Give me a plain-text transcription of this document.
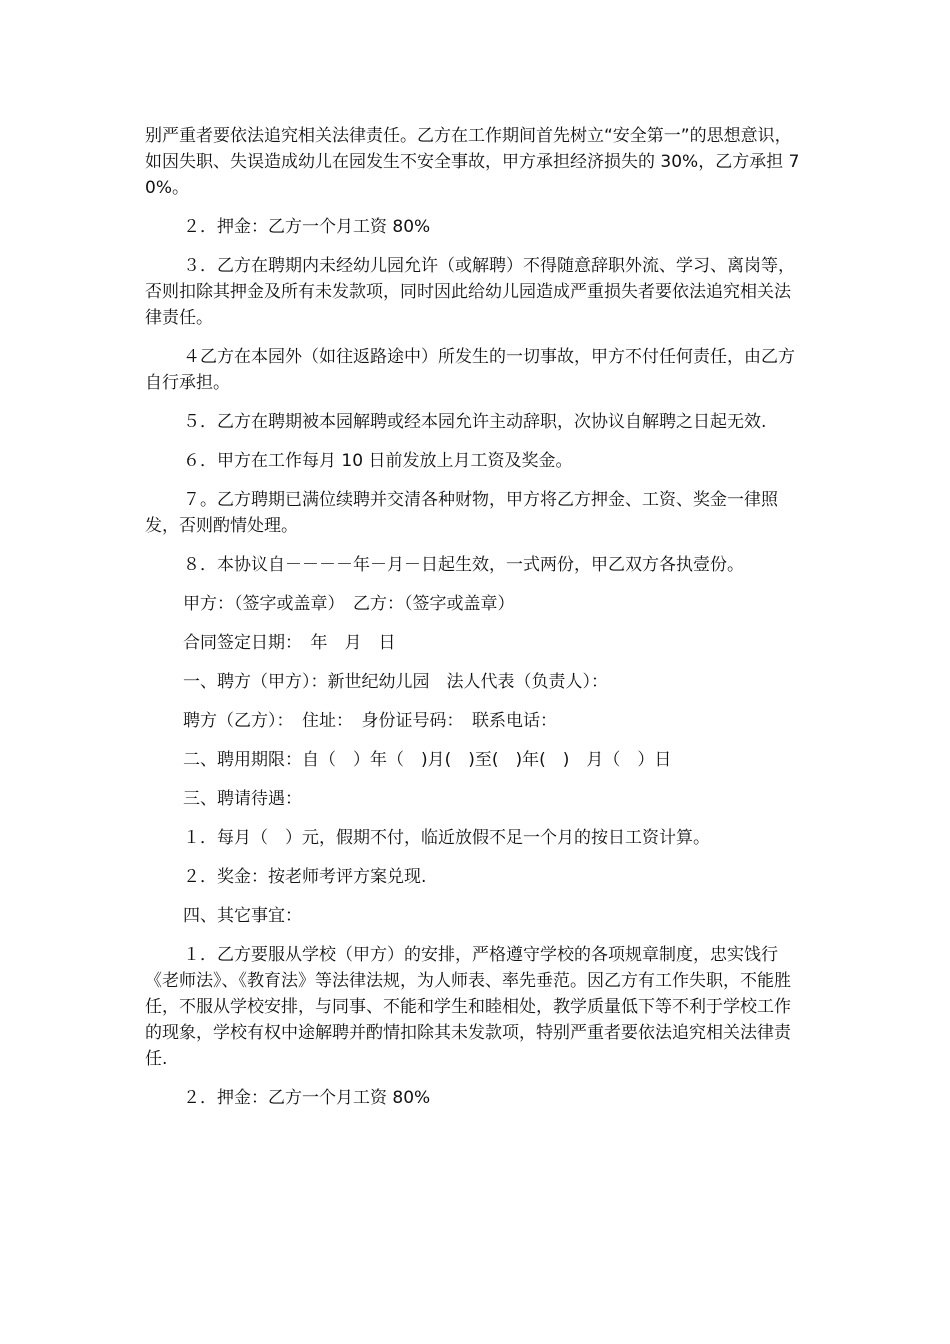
别严重者要依法追究相关法律责任。乙方在工作期间首先树立“安全第一”的思想意识，如因失职、失误造成幼儿在园发生不安全事故，甲方承担经济损失的 30%，乙方承担 70%。

２．押金：乙方一个月工资 80%

３．乙方在聘期内未经幼儿园允许（或解聘）不得随意辞职外流、学习、离岗等，否则扣除其押金及所有未发款项，同时因此给幼儿园造成严重损失者要依法追究相关法律责任。

４乙方在本园外（如往返路途中）所发生的一切事故，甲方不付任何责任，由乙方自行承担。

５．乙方在聘期被本园解聘或经本园允许主动辞职，次协议自解聘之日起无效.

６．甲方在工作每月 10 日前发放上月工资及奖金。

７。乙方聘期已满位续聘并交清各种财物，甲方将乙方押金、工资、奖金一律照发，否则酌情处理。

８．本协议自－－－－年－月－日起生效，一式两份，甲乙双方各执壹份。

甲方：（签字或盖章）　乙方：（签字或盖章）

合同签定日期：　年　月　日

一、聘方（甲方）：新世纪幼儿园　法人代表（负责人）：

聘方（乙方）：　住址：　身份证号码：　联系电话：

二、聘用期限：自（　）年（　)月(　)至(　)年(　)　月（　）日

三、聘请待遇：

１．每月（　）元，假期不付，临近放假不足一个月的按日工资计算。

２．奖金：按老师考评方案兑现.

四、其它事宜：

１．乙方要服从学校（甲方）的安排，严格遵守学校的各项规章制度，忠实饯行《老师法》、《教育法》等法律法规，为人师表、率先垂范。因乙方有工作失职，不能胜任，不服从学校安排，与同事、不能和学生和睦相处，教学质量低下等不利于学校工作的现象，学校有权中途解聘并酌情扣除其未发款项，特别严重者要依法追究相关法律责任.

２．押金：乙方一个月工资 80%
